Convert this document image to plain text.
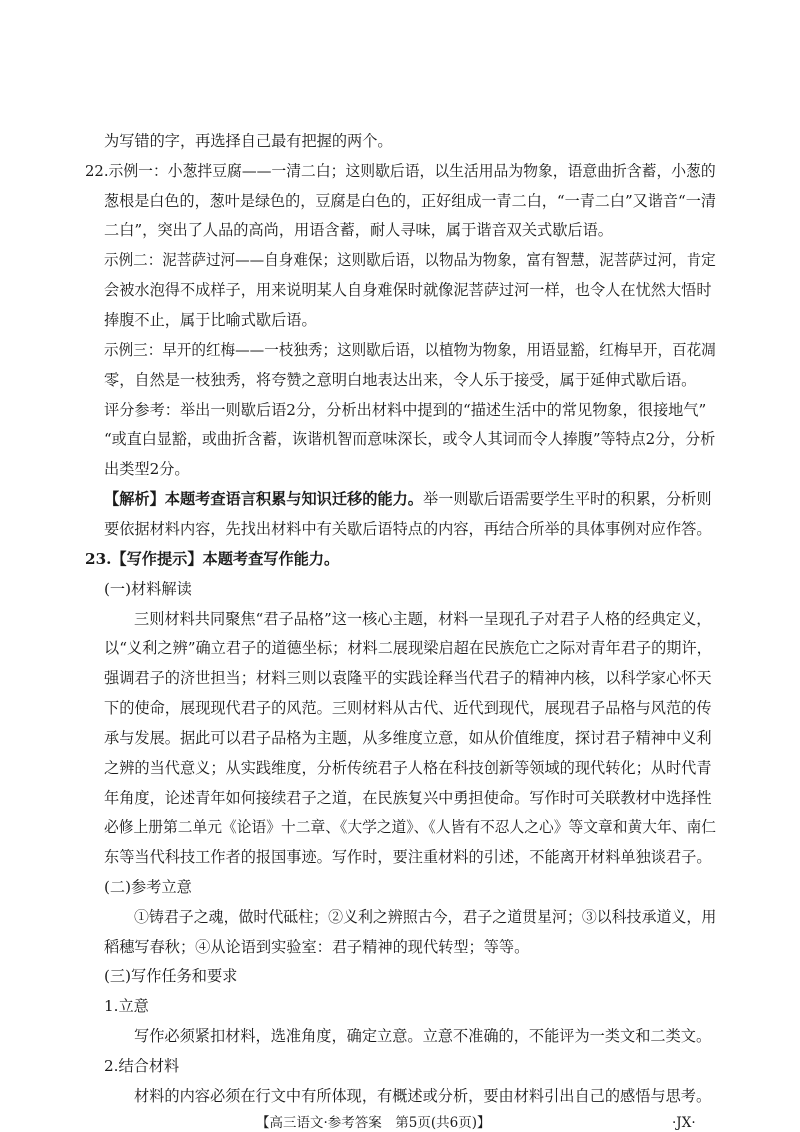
为写错的字，再选择自己最有把握的两个。
22.示例一：小葱拌豆腐——一清二白；这则歇后语，以生活用品为物象，语意曲折含蓄，小葱的
葱根是白色的，葱叶是绿色的，豆腐是白色的，正好组成一青二白，“一青二白”又谐音“一清
二白”，突出了人品的高尚，用语含蓄，耐人寻味，属于谐音双关式歇后语。
示例二：泥菩萨过河——自身难保；这则歇后语，以物品为物象，富有智慧，泥菩萨过河，肯定
会被水泡得不成样子，用来说明某人自身难保时就像泥菩萨过河一样，也令人在忧然大悟时
捧腹不止，属于比喻式歇后语。
示例三：早开的红梅——一枝独秀；这则歇后语，以植物为物象，用语显豁，红梅早开，百花凋
零，自然是一枝独秀，将夸赞之意明白地表达出来，令人乐于接受，属于延伸式歇后语。
评分参考：举出一则歇后语2分，分析出材料中提到的“描述生活中的常见物象，很接地气”
“或直白显豁，或曲折含蓄，诙谐机智而意味深长，或令人其词而令人捧腹”等特点2分，分析
出类型2分。
【解析】本题考查语言积累与知识迁移的能力。举一则歇后语需要学生平时的积累，分析则
要依据材料内容，先找出材料中有关歇后语特点的内容，再结合所举的具体事例对应作答。
23.【写作提示】本题考查写作能力。
(一)材料解读
三则材料共同聚焦“君子品格”这一核心主题，材料一呈现孔子对君子人格的经典定义，
以“义利之辨”确立君子的道德坐标；材料二展现梁启超在民族危亡之际对青年君子的期许，
强调君子的济世担当；材料三则以袁隆平的实践诠释当代君子的精神内核，以科学家心怀天
下的使命，展现现代君子的风范。三则材料从古代、近代到现代，展现君子品格与风范的传
承与发展。据此可以君子品格为主题，从多维度立意，如从价值维度，探讨君子精神中义利
之辨的当代意义；从实践维度，分析传统君子人格在科技创新等领域的现代转化；从时代青
年角度，论述青年如何接续君子之道，在民族复兴中勇担使命。写作时可关联教材中选择性
必修上册第二单元《论语》十二章、《大学之道》、《人皆有不忍人之心》等文章和黄大年、南仁
东等当代科技工作者的报国事迹。写作时，要注重材料的引述，不能离开材料单独谈君子。
(二)参考立意
①铸君子之魂，做时代砥柱；②义利之辨照古今，君子之道贯星河；③以科技承道义，用
稻穗写春秋；④从论语到实验室：君子精神的现代转型；等等。
(三)写作任务和要求
1.立意
写作必须紧扣材料，选准角度，确定立意。立意不准确的，不能评为一类文和二类文。
2.结合材料
材料的内容必须在行文中有所体现，有概述或分析，要由材料引出自己的感悟与思考。
【高三语文·参考答案　第5页(共6页)】	·JX·
